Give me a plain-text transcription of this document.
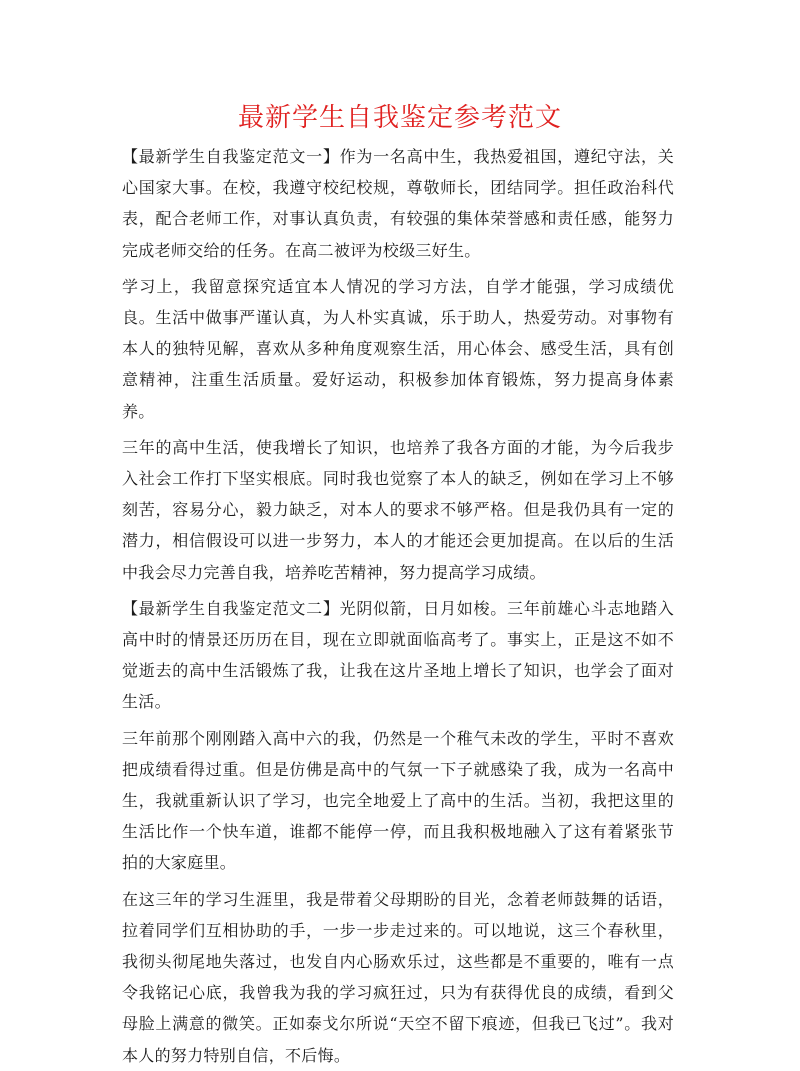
最新学生自我鉴定参考范文

【最新学生自我鉴定范文一】作为一名高中生，我热爱祖国，遵纪守法，关心国家大事。在校，我遵守校纪校规，尊敬师长，团结同学。担任政治科代表，配合老师工作，对事认真负责，有较强的集体荣誉感和责任感，能努力完成老师交给的任务。在高二被评为校级三好生。

学习上，我留意探究适宜本人情况的学习方法，自学才能强，学习成绩优良。生活中做事严谨认真，为人朴实真诚，乐于助人，热爱劳动。对事物有本人的独特见解，喜欢从多种角度观察生活，用心体会、感受生活，具有创意精神，注重生活质量。爱好运动，积极参加体育锻炼，努力提高身体素养。

三年的高中生活，使我增长了知识，也培养了我各方面的才能，为今后我步入社会工作打下坚实根底。同时我也觉察了本人的缺乏，例如在学习上不够刻苦，容易分心，毅力缺乏，对本人的要求不够严格。但是我仍具有一定的潜力，相信假设可以进一步努力，本人的才能还会更加提高。在以后的生活中我会尽力完善自我，培养吃苦精神，努力提高学习成绩。

【最新学生自我鉴定范文二】光阴似箭，日月如梭。三年前雄心斗志地踏入高中时的情景还历历在目，现在立即就面临高考了。事实上，正是这不如不觉逝去的高中生活锻炼了我，让我在这片圣地上增长了知识，也学会了面对生活。

三年前那个刚刚踏入高中六的我，仍然是一个稚气未改的学生，平时不喜欢把成绩看得过重。但是仿佛是高中的气氛一下子就感染了我，成为一名高中生，我就重新认识了学习，也完全地爱上了高中的生活。当初，我把这里的生活比作一个快车道，谁都不能停一停，而且我积极地融入了这有着紧张节拍的大家庭里。

在这三年的学习生涯里，我是带着父母期盼的目光，念着老师鼓舞的话语，拉着同学们互相协助的手，一步一步走过来的。可以地说，这三个春秋里，我彻头彻尾地失落过，也发自内心肠欢乐过，这些都是不重要的，唯有一点令我铭记心底，我曾我为我的学习疯狂过，只为有获得优良的成绩，看到父母脸上满意的微笑。正如泰戈尔所说“天空不留下痕迹，但我已飞过”。我对本人的努力特别自信，不后悔。
